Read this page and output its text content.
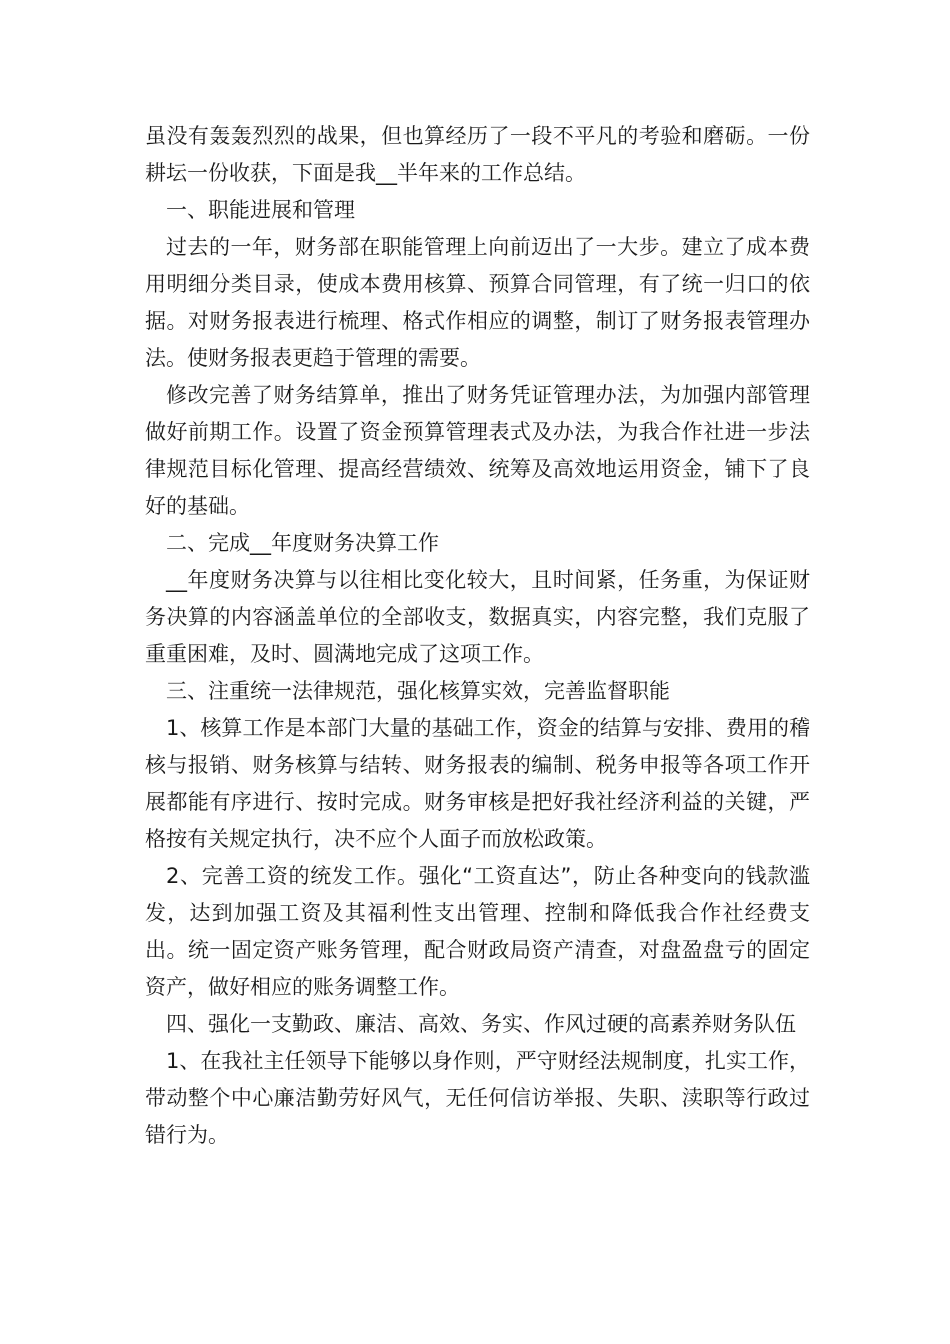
虽没有轰轰烈烈的战果，但也算经历了一段不平凡的考验和磨砺。一份耕坛一份收获，下面是我__半年来的工作总结。

一、职能进展和管理

过去的一年，财务部在职能管理上向前迈出了一大步。建立了成本费用明细分类目录，使成本费用核算、预算合同管理，有了统一归口的依据。对财务报表进行梳理、格式作相应的调整，制订了财务报表管理办法。使财务报表更趋于管理的需要。

修改完善了财务结算单，推出了财务凭证管理办法，为加强内部管理做好前期工作。设置了资金预算管理表式及办法，为我合作社进一步法律规范目标化管理、提高经营绩效、统筹及高效地运用资金，铺下了良好的基础。

二、完成__年度财务决算工作

__年度财务决算与以往相比变化较大，且时间紧，任务重，为保证财务决算的内容涵盖单位的全部收支，数据真实，内容完整，我们克服了重重困难，及时、圆满地完成了这项工作。

三、注重统一法律规范，强化核算实效，完善监督职能

1、核算工作是本部门大量的基础工作，资金的结算与安排、费用的稽核与报销、财务核算与结转、财务报表的编制、税务申报等各项工作开展都能有序进行、按时完成。财务审核是把好我社经济利益的关键，严格按有关规定执行，决不应个人面子而放松政策。

2、完善工资的统发工作。强化“工资直达”，防止各种变向的钱款滥发，达到加强工资及其福利性支出管理、控制和降低我合作社经费支出。统一固定资产账务管理，配合财政局资产清查，对盘盈盘亏的固定资产，做好相应的账务调整工作。

四、强化一支勤政、廉洁、高效、务实、作风过硬的高素养财务队伍

1、在我社主任领导下能够以身作则，严守财经法规制度，扎实工作，带动整个中心廉洁勤劳好风气，无任何信访举报、失职、渎职等行政过错行为。
